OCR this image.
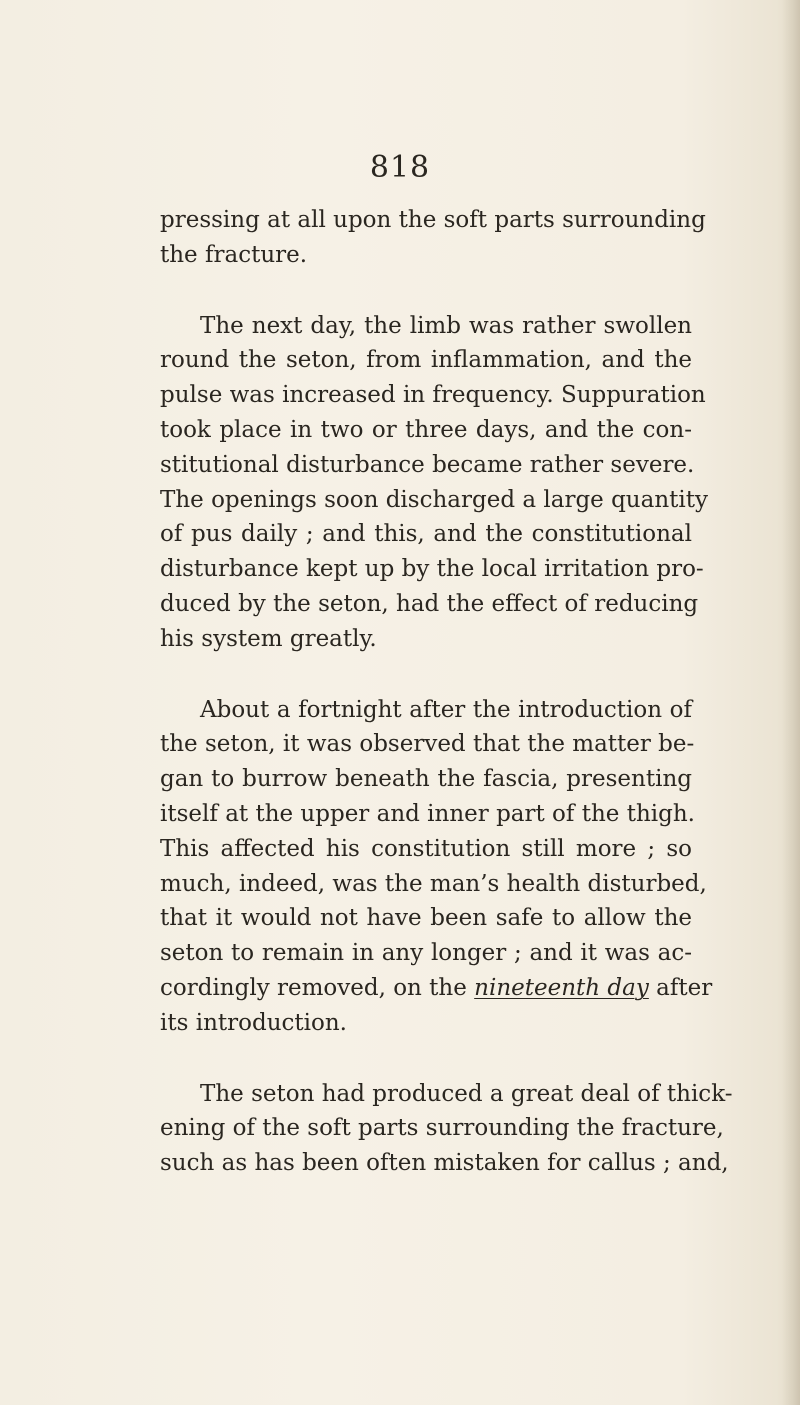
818
pressing at all upon the soft parts surrounding
the fracture.
The next day, the limb was rather swollen
round the seton, from inflammation, and the
pulse was increased in frequency. Suppuration
took place in two or three days, and the con-
stitutional disturbance became rather severe.
The openings soon discharged a large quantity
of pus daily ; and this, and the constitutional
disturbance kept up by the local irritation pro-
duced by the seton, had the effect of reducing
his system greatly.
About a fortnight after the introduction of
the seton, it was observed that the matter be-
gan to burrow beneath the fascia, presenting
itself at the upper and inner part of the thigh.
This affected his constitution still more ; so
much, indeed, was the man’s health disturbed,
that it would not have been safe to allow the
seton to remain in any longer ; and it was ac-
cordingly removed, on the nineteenth day after
its introduction.
The seton had produced a great deal of thick-
ening of the soft parts surrounding the fracture,
such as has been often mistaken for callus ; and,
